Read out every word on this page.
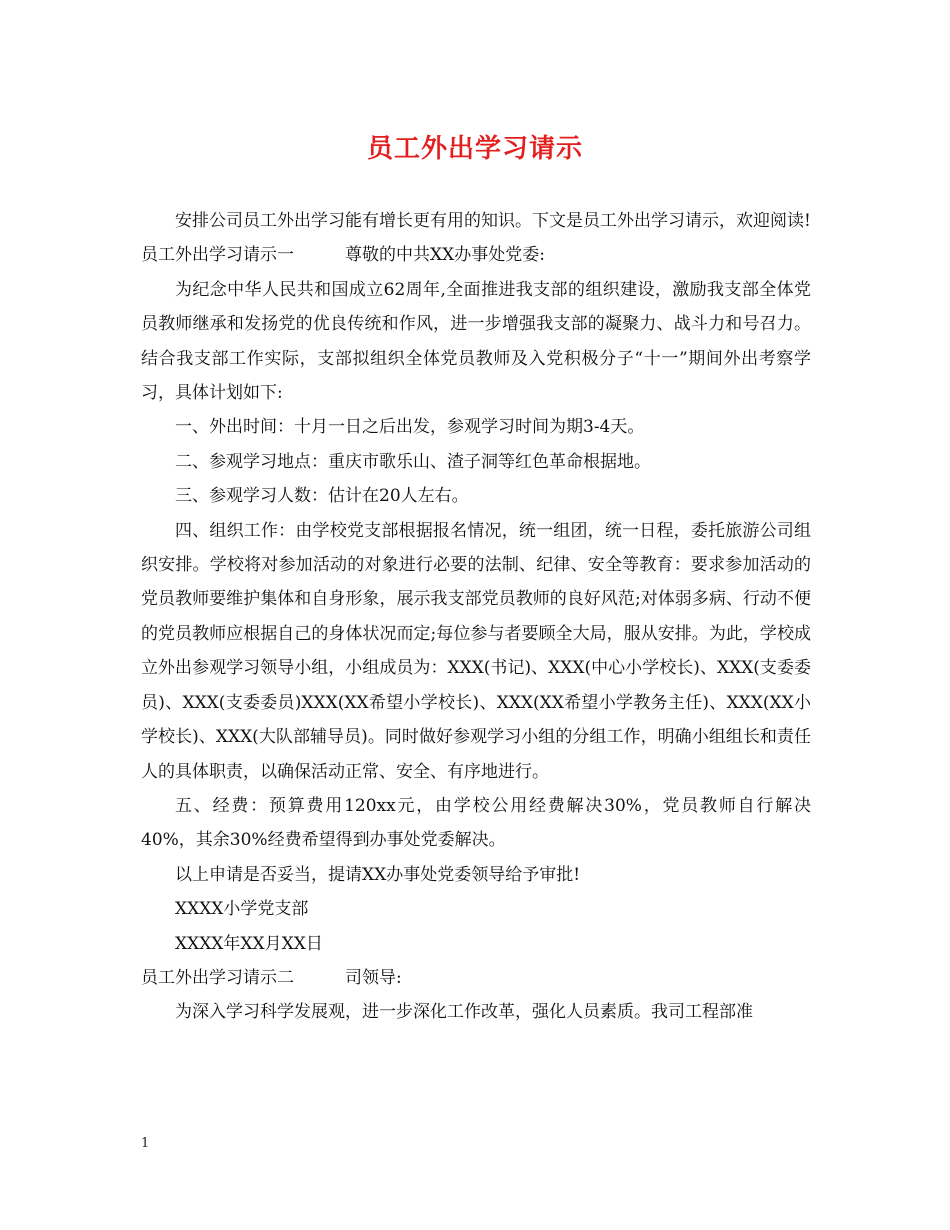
员工外出学习请示

安排公司员工外出学习能有增长更有用的知识。下文是员工外出学习请示，欢迎阅读!

员工外出学习请示一	尊敬的中共XX办事处党委:

为纪念中华人民共和国成立62周年,全面推进我支部的组织建设，激励我支部全体党员教师继承和发扬党的优良传统和作风，进一步增强我支部的凝聚力、战斗力和号召力。结合我支部工作实际，支部拟组织全体党员教师及入党积极分子“十一”期间外出考察学习，具体计划如下:

一、外出时间：十月一日之后出发，参观学习时间为期3-4天。

二、参观学习地点：重庆市歌乐山、渣子洞等红色革命根据地。

三、参观学习人数：估计在20人左右。

四、组织工作：由学校党支部根据报名情况，统一组团，统一日程，委托旅游公司组织安排。学校将对参加活动的对象进行必要的法制、纪律、安全等教育：要求参加活动的党员教师要维护集体和自身形象，展示我支部党员教师的良好风范;对体弱多病、行动不便的党员教师应根据自己的身体状况而定;每位参与者要顾全大局，服从安排。为此，学校成立外出参观学习领导小组，小组成员为：XXX(书记)、XXX(中心小学校长)、XXX(支委委员)、XXX(支委委员)XXX(XX希望小学校长)、XXX(XX希望小学教务主任)、XXX(XX小学校长)、XXX(大队部辅导员)。同时做好参观学习小组的分组工作，明确小组组长和责任人的具体职责，以确保活动正常、安全、有序地进行。

五、经费：预算费用120xx元，由学校公用经费解决30%，党员教师自行解决40%，其余30%经费希望得到办事处党委解决。

以上申请是否妥当，提请XX办事处党委领导给予审批!

XXXX小学党支部

XXXX年XX月XX日

员工外出学习请示二	司领导:

为深入学习科学发展观，进一步深化工作改革，强化人员素质。我司工程部准

1
